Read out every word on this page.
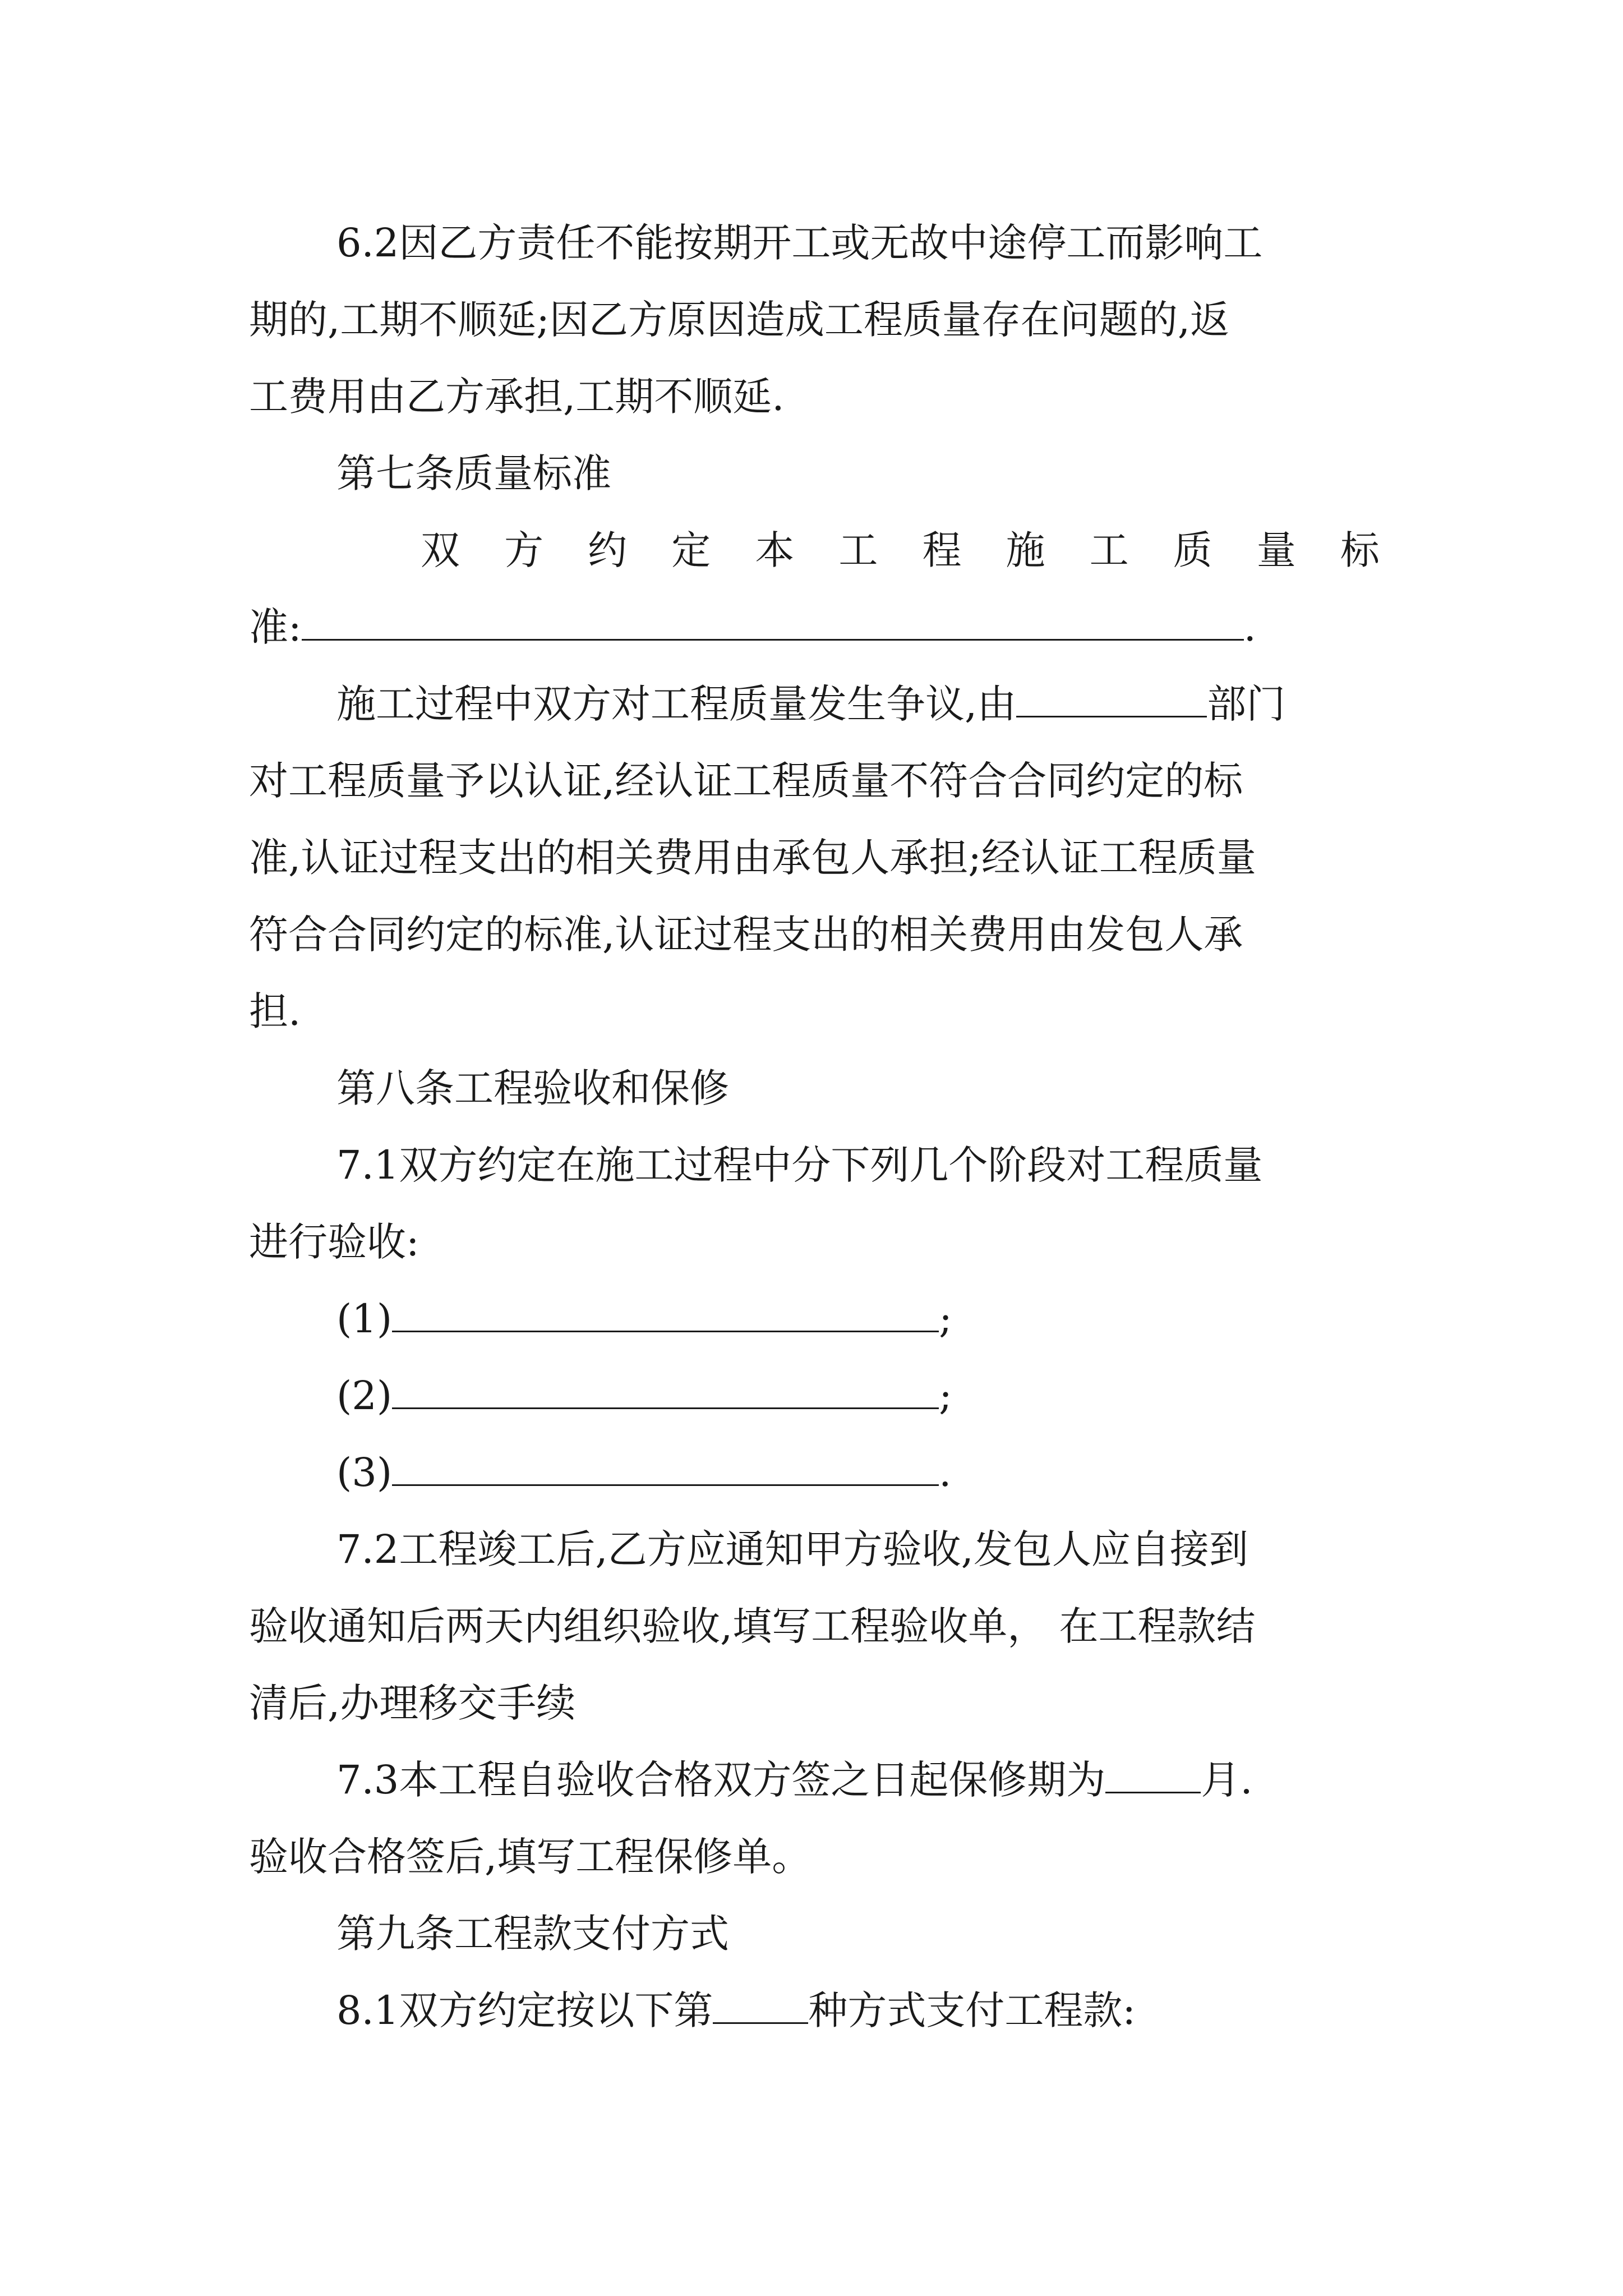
6.2因乙方责任不能按期开工或无故中途停工而影响工
期的,工期不顺延;因乙方原因造成工程质量存在问题的,返
工费用由乙方承担,工期不顺延.
第七条质量标准
双 方 约 定 本 工 程 施 工 质 量 标
准:	.
施工过程中双方对工程质量发生争议,由	部门
对工程质量予以认证,经认证工程质量不符合合同约定的标
准,认证过程支出的相关费用由承包人承担;经认证工程质量
符合合同约定的标准,认证过程支出的相关费用由发包人承
担.
第八条工程验收和保修
7.1双方约定在施工过程中分下列几个阶段对工程质量
进行验收:
(1)	;
(2)	;
(3)	.
7.2工程竣工后,乙方应通知甲方验收,发包人应自接到
验收通知后两天内组织验收,填写工程验收单， 在工程款结
清后,办理移交手续
7.3本工程自验收合格双方签之日起保修期为 月.
验收合格签后,填写工程保修单。
第九条工程款支付方式
8.1双方约定按以下第 种方式支付工程款:
